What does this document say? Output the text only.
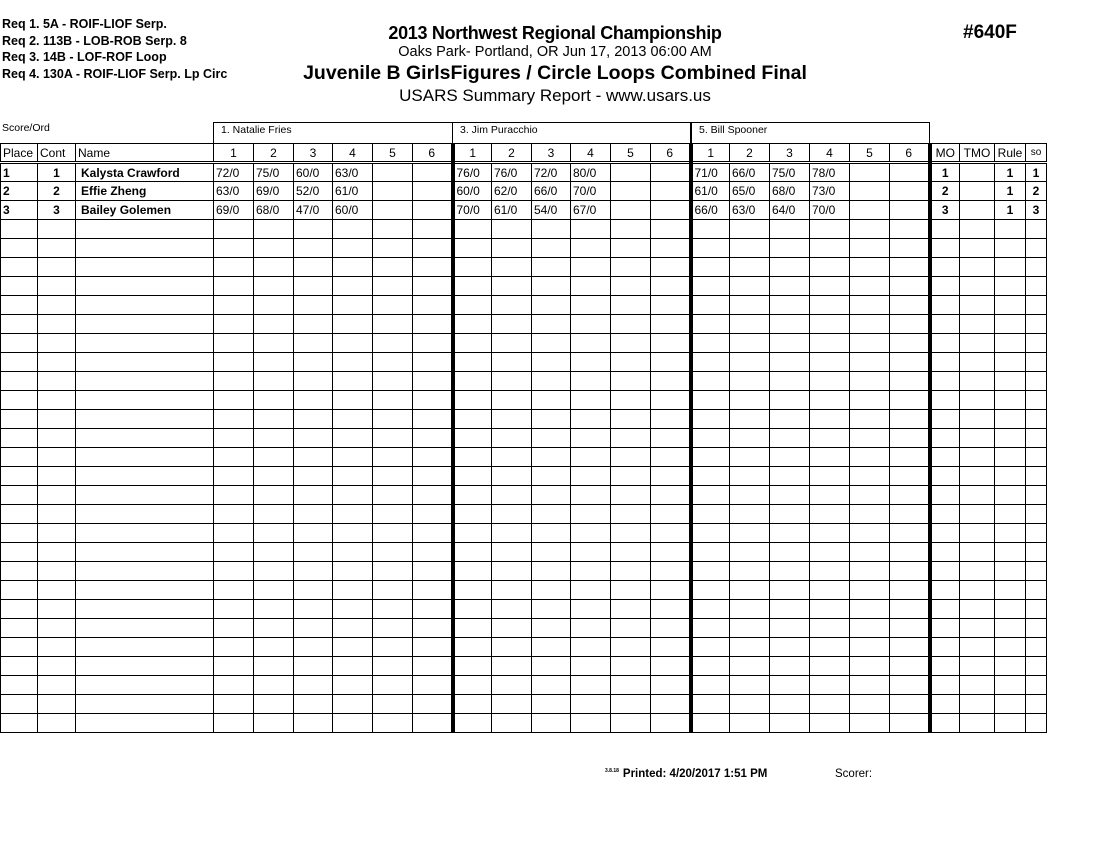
Req 1. 5A - ROIF-LIOF Serp.
Req 2. 113B - LOB-ROB Serp. 8
Req 3. 14B - LOF-ROF Loop
Req 4. 130A - ROIF-LIOF Serp. Lp Circ
2013 Northwest Regional Championship
Oaks Park- Portland, OR Jun 17, 2013 06:00 AM
Juvenile B GirlsFigures / Circle Loops Combined Final
USARS Summary Report - www.usars.us
#640F
Score/Ord	1. Natalie Fries	3. Jim Puracchio	5. Bill Spooner
Place	Cont	Name	1	2	3	4	5	6	1	2	3	4	5	6	1	2	3	4	5	6	MO	TMO	Rule	so
1	1	Kalysta Crawford	72/0	75/0	60/0	63/0			76/0	76/0	72/0	80/0			71/0	66/0	75/0	78/0			1		1	1
2	2	Effie Zheng	63/0	69/0	52/0	61/0			60/0	62/0	66/0	70/0			61/0	65/0	68/0	73/0			2		1	2
3	3	Bailey Golemen	69/0	68/0	47/0	60/0			70/0	61/0	54/0	67/0			66/0	63/0	64/0	70/0			3		1	3

$^{3.8.18}$ Printed: 4/20/2017 1:51 PM	Scorer:
